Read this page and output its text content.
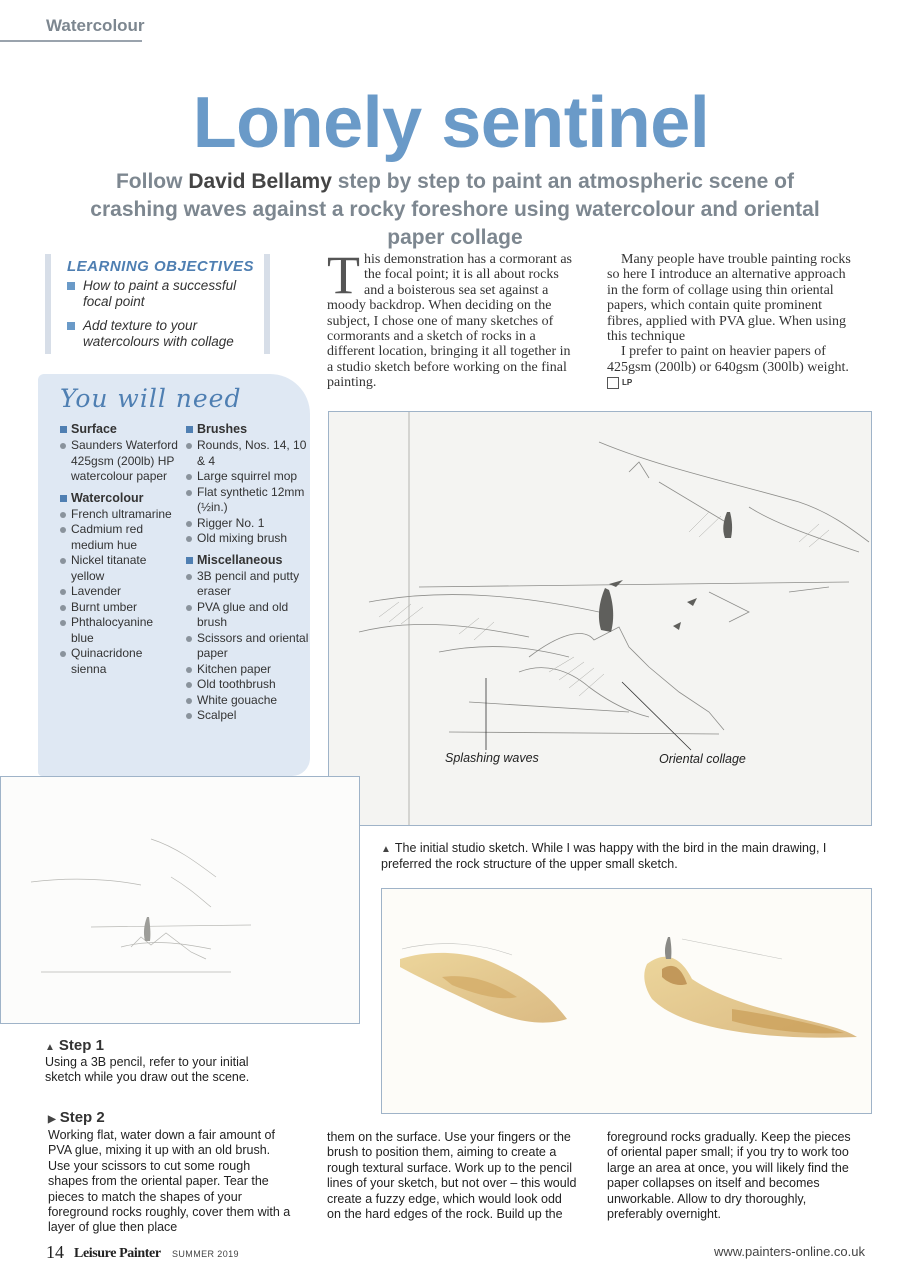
Watercolour
Lonely sentinel

Follow David Bellamy step by step to paint an atmospheric scene of crashing waves against a rocky foreshore using watercolour and oriental paper collage

LEARNING OBJECTIVES
How to paint a successful focal point
Add texture to your watercolours with collage
You will need
Surface
Saunders Waterford 425gsm (200lb) HP watercolour paper
Watercolour
French ultramarine
Cadmium red medium hue
Nickel titanate yellow
Lavender
Burnt umber
Phthalocyanine blue
Quinacridone sienna
Brushes
Rounds, Nos. 14, 10 & 4
Large squirrel mop
Flat synthetic 12mm (½in.)
Rigger No. 1
Old mixing brush
Miscellaneous
3B pencil and putty eraser
PVA glue and old brush
Scissors and oriental paper
Kitchen paper
Old toothbrush
White gouache
Scalpel
This demonstration has a cormorant as the focal point; it is all about rocks and a boisterous sea set against a moody backdrop. When deciding on the subject, I chose one of many sketches of cormorants and a sketch of rocks in a different location, bringing it all together in a studio sketch before working on the final painting.
Many people have trouble painting rocks so here I introduce an alternative approach in the form of collage using thin oriental papers, which contain quite prominent fibres, applied with PVA glue. When using this technique
I prefer to paint on heavier papers of 425gsm (200lb) or 640gsm (300lb) weight. LP
Splashing waves	Oriental collage
▲ The initial studio sketch. While I was happy with the bird in the main drawing, I preferred the rock structure of the upper small sketch.
▲ Step 1
Using a 3B pencil, refer to your initial sketch while you draw out the scene.
▶ Step 2
Working flat, water down a fair amount of PVA glue, mixing it up with an old brush. Use your scissors to cut some rough shapes from the oriental paper. Tear the pieces to match the shapes of your foreground rocks roughly, cover them with a layer of glue then place
them on the surface. Use your fingers or the brush to position them, aiming to create a rough textural surface. Work up to the pencil lines of your sketch, but not over – this would create a fuzzy edge, which would look odd on the hard edges of the rock. Build up the
foreground rocks gradually. Keep the pieces of oriental paper small; if you try to work too large an area at once, you will likely find the paper collapses on itself and becomes unworkable. Allow to dry thoroughly, preferably overnight.
14 Leisure Painter SUMMER 2019	www.painters-online.co.uk
